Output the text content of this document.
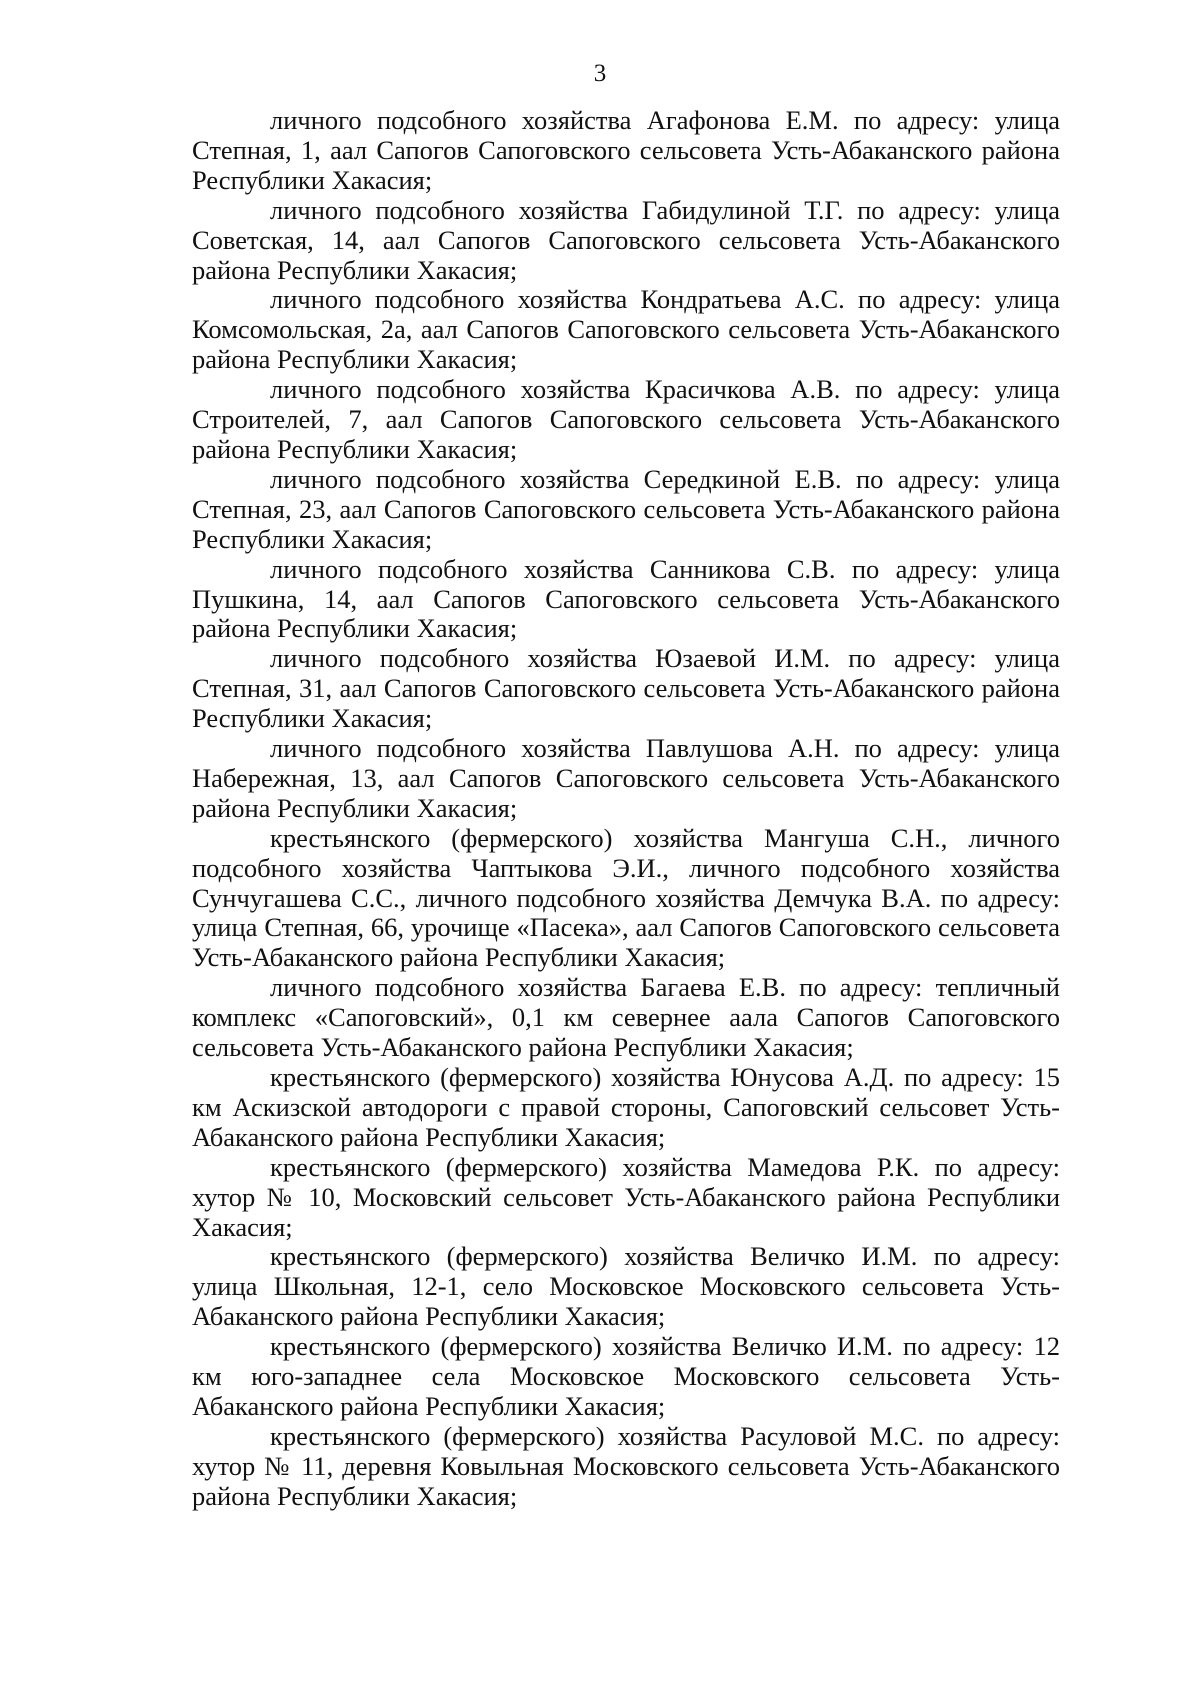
3

личного подсобного хозяйства Агафонова Е.М. по адресу: улица Степная, 1, аал Сапогов Сапоговского сельсовета Усть-Абаканского района Республики Хакасия;

личного подсобного хозяйства Габидулиной Т.Г. по адресу: улица Советская, 14, аал Сапогов Сапоговского сельсовета Усть-Абаканского района Республики Хакасия;

личного подсобного хозяйства Кондратьева А.С. по адресу: улица Комсомольская, 2а, аал Сапогов Сапоговского сельсовета Усть-Абаканского района Республики Хакасия;

личного подсобного хозяйства Красичкова А.В. по адресу: улица Строителей, 7, аал Сапогов Сапоговского сельсовета Усть-Абаканского района Республики Хакасия;

личного подсобного хозяйства Середкиной Е.В. по адресу: улица Степная, 23, аал Сапогов Сапоговского сельсовета Усть-Абаканского района Республики Хакасия;

личного подсобного хозяйства Санникова С.В. по адресу: улица Пушкина, 14, аал Сапогов Сапоговского сельсовета Усть-Абаканского района Республики Хакасия;

личного подсобного хозяйства Юзаевой И.М. по адресу: улица Степная, 31, аал Сапогов Сапоговского сельсовета Усть-Абаканского района Республики Хакасия;

личного подсобного хозяйства Павлушова А.Н. по адресу: улица Набережная, 13, аал Сапогов Сапоговского сельсовета Усть-Абаканского района Республики Хакасия;

крестьянского (фермерского) хозяйства Мангуша С.Н., личного подсобного хозяйства Чаптыкова Э.И., личного подсобного хозяйства Сунчугашева С.С., личного подсобного хозяйства Демчука В.А. по адресу: улица Степная, 66, урочище «Пасека», аал Сапогов Сапоговского сельсовета Усть-Абаканского района Республики Хакасия;

личного подсобного хозяйства Багаева Е.В. по адресу: тепличный комплекс «Сапоговский», 0,1 км севернее аала Сапогов Сапоговского сельсовета Усть-Абаканского района Республики Хакасия;

крестьянского (фермерского) хозяйства Юнусова А.Д. по адресу: 15 км Аскизской автодороги с правой стороны, Сапоговский сельсовет Усть-Абаканского района Республики Хакасия;

крестьянского (фермерского) хозяйства Мамедова Р.К. по адресу: хутор № 10, Московский сельсовет Усть-Абаканского района Республики Хакасия;

крестьянского (фермерского) хозяйства Величко И.М. по адресу: улица Школьная, 12-1, село Московское Московского сельсовета Усть-Абаканского района Республики Хакасия;

крестьянского (фермерского) хозяйства Величко И.М. по адресу: 12 км юго-западнее села Московское Московского сельсовета Усть-Абаканского района Республики Хакасия;

крестьянского (фермерского) хозяйства Расуловой М.С. по адресу: хутор № 11, деревня Ковыльная Московского сельсовета Усть-Абаканского района Республики Хакасия;
